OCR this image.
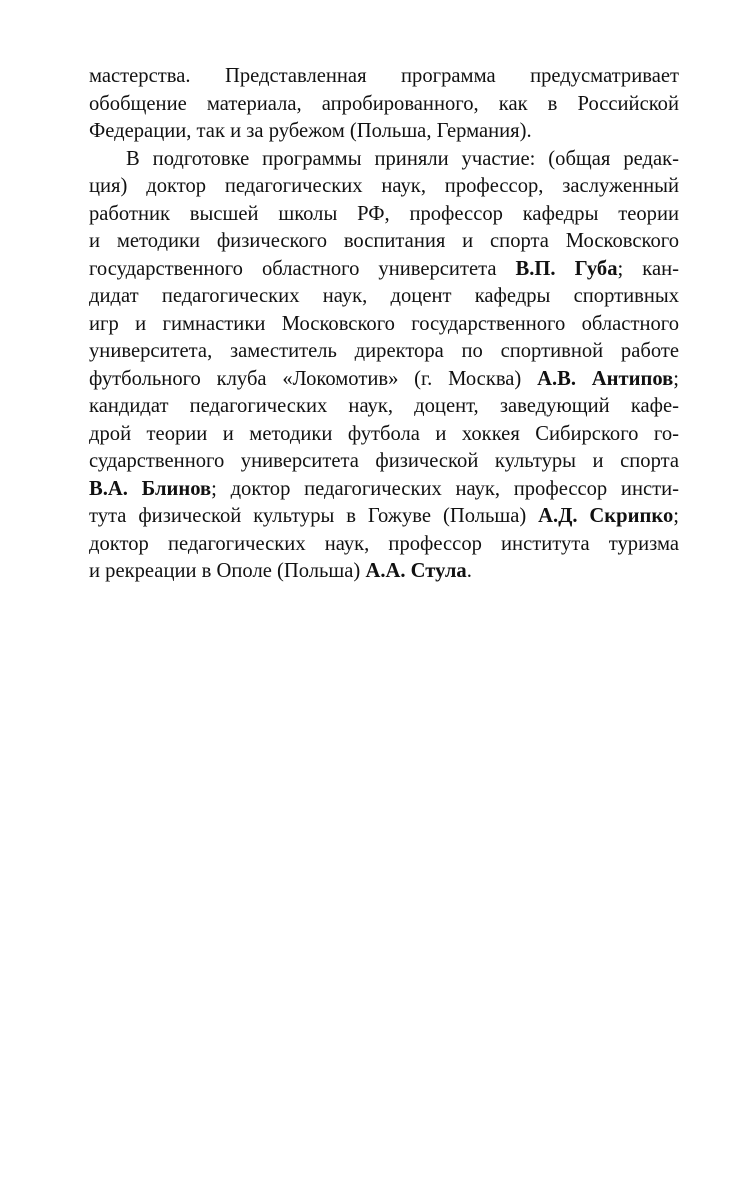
мастерства. Представленная программа предусматривает
обобщение материала, апробированного, как в Российской
Федерации, так и за рубежом (Польша, Германия).

В подготовке программы приняли участие: (общая редак-
ция) доктор педагогических наук, профессор, заслуженный
работник высшей школы РФ, профессор кафедры теории
и методики физического воспитания и спорта Московского
государственного областного университета В.П. Губа; кан-
дидат педагогических наук, доцент кафедры спортивных
игр и гимнастики Московского государственного областного
университета, заместитель директора по спортивной работе
футбольного клуба «Локомотив» (г. Москва) А.В. Антипов;
кандидат педагогических наук, доцент, заведующий кафе-
дрой теории и методики футбола и хоккея Сибирского го-
сударственного университета физической культуры и спорта
В.А. Блинов; доктор педагогических наук, профессор инсти-
тута физической культуры в Гожуве (Польша) А.Д. Скрипко;
доктор педагогических наук, профессор института туризма
и рекреации в Ополе (Польша) А.А. Стула.
